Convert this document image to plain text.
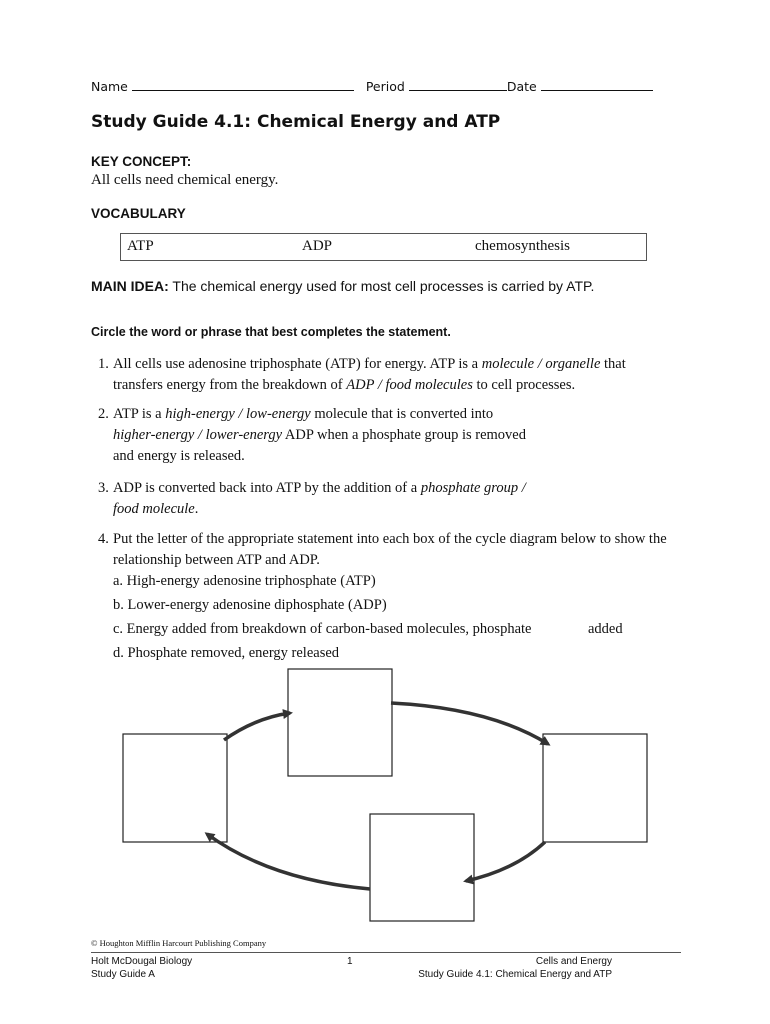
Name	Period	Date
Study Guide 4.1: Chemical Energy and ATP
KEY CONCEPT:
All cells need chemical energy.
VOCABULARY
ATP	ADP	chemosynthesis
MAIN IDEA: The chemical energy used for most cell processes is carried by ATP.
Circle the word or phrase that best completes the statement.
1. All cells use adenosine triphosphate (ATP) for energy. ATP is a molecule / organelle that transfers energy from the breakdown of ADP / food molecules to cell processes.
2. ATP is a high-energy / low-energy molecule that is converted into
higher-energy / lower-energy ADP when a phosphate group is removed
and energy is released.
3. ADP is converted back into ATP by the addition of a phosphate group /
food molecule.
4. Put the letter of the appropriate statement into each box of the cycle diagram below to show the relationship between ATP and ADP.
a. High-energy adenosine triphosphate (ATP)
b. Lower-energy adenosine diphosphate (ADP)
c. Energy added from breakdown of carbon-based molecules, phosphate	added
d. Phosphate removed, energy released
© Houghton Mifflin Harcourt Publishing Company
Holt McDougal Biology
Study Guide A
1	Cells and Energy
Study Guide 4.1: Chemical Energy and ATP
